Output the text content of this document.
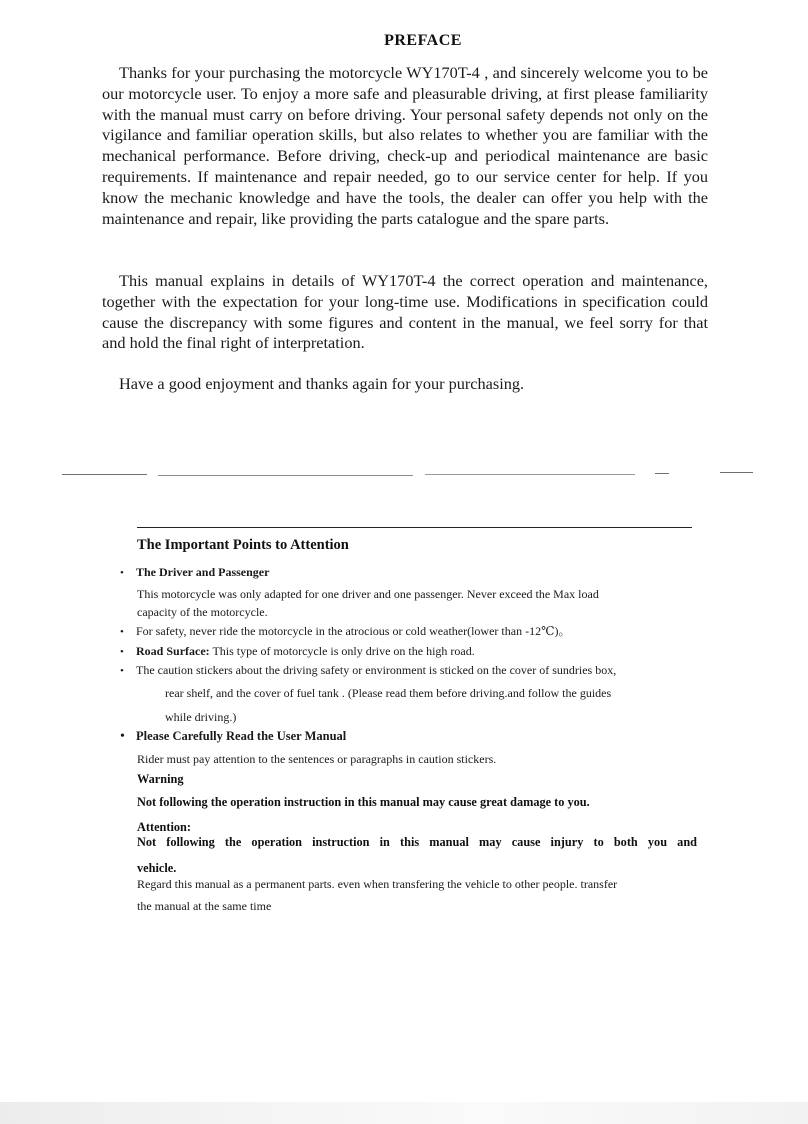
PREFACE
Thanks for your purchasing the motorcycle WY170T-4 , and sincerely welcome you to be our motorcycle user. To enjoy a more safe and pleasurable driving, at first please familiarity with the manual must carry on before driving. Your personal safety depends not only on the vigilance and familiar operation skills, but also relates to whether you are familiar with the mechanical performance. Before driving, check-up and periodical maintenance are basic requirements. If maintenance and repair needed, go to our service center for help. If you know the mechanic knowledge and have the tools, the dealer can offer you help with the maintenance and repair, like providing the parts catalogue and the spare parts.
This manual explains in details of WY170T-4 the correct operation and maintenance, together with the expectation for your long-time use. Modifications in specification could cause the discrepancy with some figures and content in the manual, we feel sorry for that and hold the final right of interpretation.
Have a good enjoyment and thanks again for your purchasing.
The Important Points to Attention
• The Driver and Passenger
This motorcycle was only adapted for one driver and one passenger. Never exceed the Max load
capacity of the motorcycle.
• For safety, never ride the motorcycle in the atrocious or cold weather(lower than -12℃)。
• Road Surface: This type of motorcycle is only drive on the high road.
• The caution stickers about the driving safety or environment is sticked on the cover of sundries box,
rear shelf, and the cover of fuel tank . (Please read them before driving.and follow the guides
while driving.)
• Please Carefully Read the User Manual
Rider must pay attention to the sentences or paragraphs in caution stickers.
Warning
Not following the operation instruction in this manual may cause great damage to you.
Attention:
Not following the operation instruction in this manual may cause injury to both you and
vehicle.
Regard this manual as a permanent parts. even when transfering the vehicle to other people. transfer
the manual at the same time
